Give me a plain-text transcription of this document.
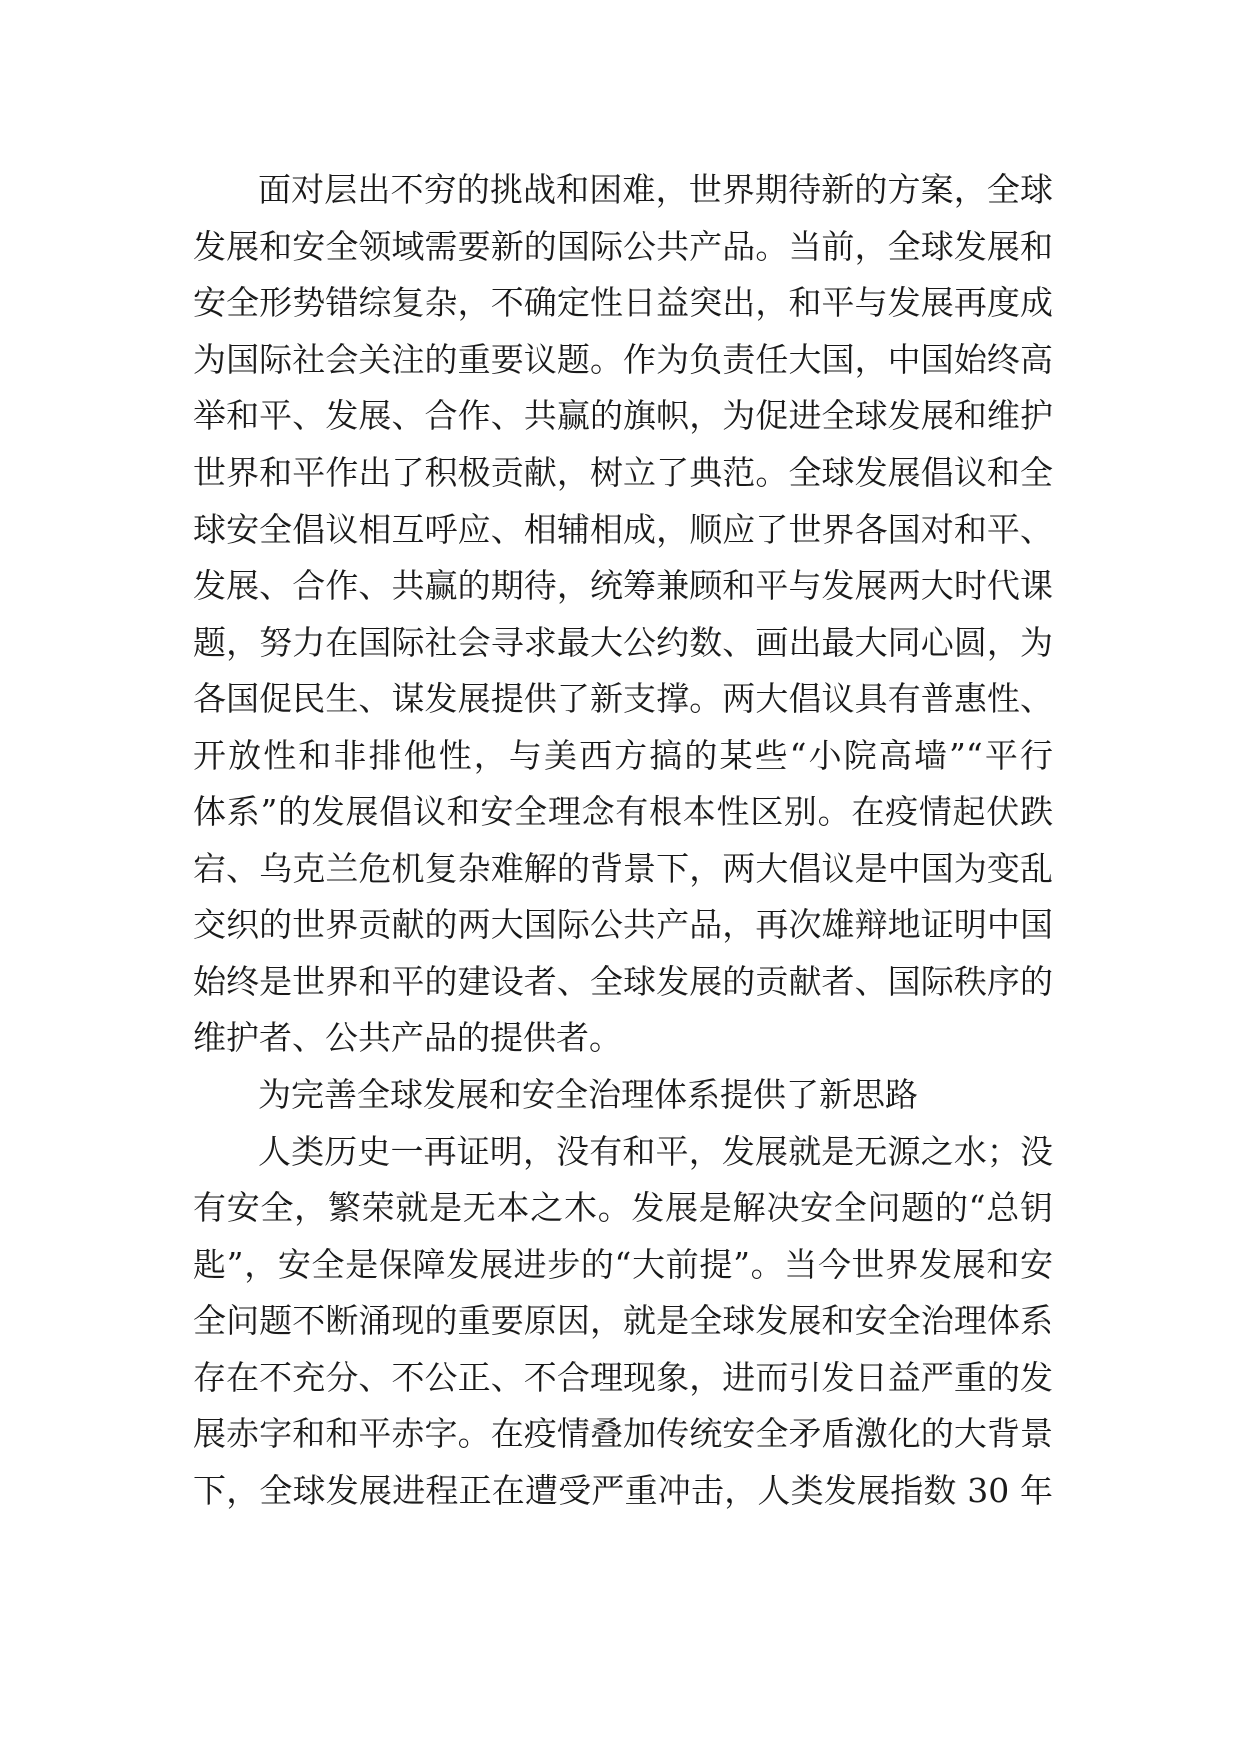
面对层出不穷的挑战和困难，世界期待新的方案，全球
发展和安全领域需要新的国际公共产品。当前，全球发展和
安全形势错综复杂，不确定性日益突出，和平与发展再度成
为国际社会关注的重要议题。作为负责任大国，中国始终高
举和平、发展、合作、共赢的旗帜，为促进全球发展和维护
世界和平作出了积极贡献，树立了典范。全球发展倡议和全
球安全倡议相互呼应、相辅相成，顺应了世界各国对和平、
发展、合作、共赢的期待，统筹兼顾和平与发展两大时代课
题，努力在国际社会寻求最大公约数、画出最大同心圆，为
各国促民生、谋发展提供了新支撑。两大倡议具有普惠性、
开放性和非排他性，与美西方搞的某些“小院高墙”“平行
体系”的发展倡议和安全理念有根本性区别。在疫情起伏跌
宕、乌克兰危机复杂难解的背景下，两大倡议是中国为变乱
交织的世界贡献的两大国际公共产品，再次雄辩地证明中国
始终是世界和平的建设者、全球发展的贡献者、国际秩序的
维护者、公共产品的提供者。
为完善全球发展和安全治理体系提供了新思路
人类历史一再证明，没有和平，发展就是无源之水；没
有安全，繁荣就是无本之木。发展是解决安全问题的“总钥
匙”，安全是保障发展进步的“大前提”。当今世界发展和安
全问题不断涌现的重要原因，就是全球发展和安全治理体系
存在不充分、不公正、不合理现象，进而引发日益严重的发
展赤字和和平赤字。在疫情叠加传统安全矛盾激化的大背景
下，全球发展进程正在遭受严重冲击，人类发展指数 30 年
